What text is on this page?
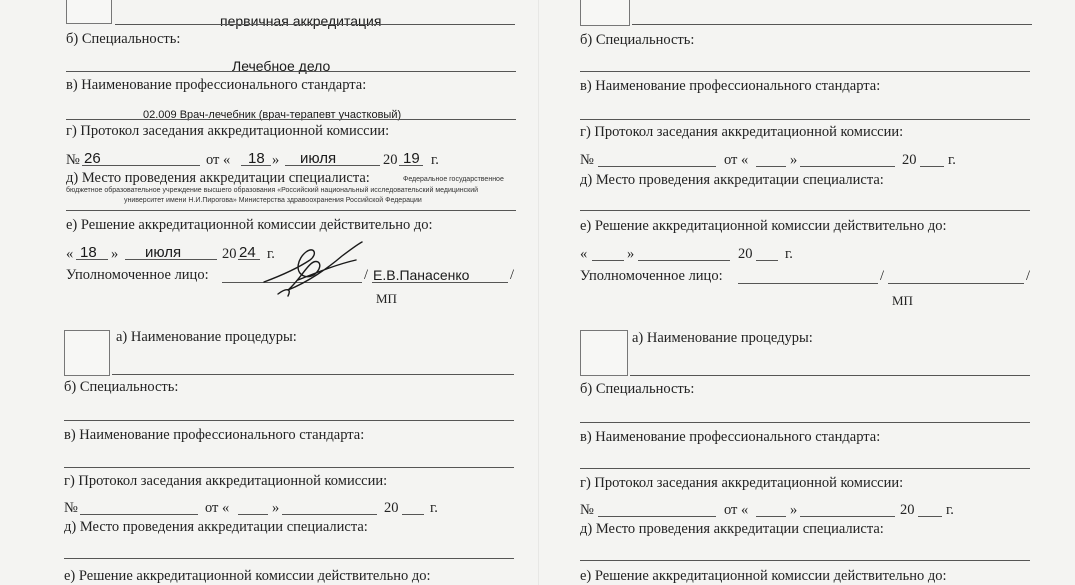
первичная аккредитация
б) Специальность:
Лечебное дело
в) Наименование профессионального стандарта:
02.009 Врач-лечебник (врач-терапевт участковый)
г) Протокол заседания аккредитационной комиссии:
№ 26	от « 18 » июля	20 19 г.
д) Место проведения аккредитации специалиста:	Федеральное государственное
бюджетное образовательное учреждение высшего образования «Российский национальный исследовательский медицинский
университет имени Н.И.Пирогова» Министерства здравоохранения Российской Федерации
е) Решение аккредитационной комиссии действительно до:
« 18 » июля	20 24 г.
Уполномоченное лицо:	/ Е.В.Панасенко	/
МП
б) Специальность:
в) Наименование профессионального стандарта:
г) Протокол заседания аккредитационной комиссии:
№	от «	»	20 г.
д) Место проведения аккредитации специалиста:
е) Решение аккредитационной комиссии действительно до:
«	»	20 г.
Уполномоченное лицо:	/	/
МП
а) Наименование процедуры:
б) Специальность:
в) Наименование профессионального стандарта:
г) Протокол заседания аккредитационной комиссии:
№	от «	»	20 г.
д) Место проведения аккредитации специалиста:
е) Решение аккредитационной комиссии действительно до:
а) Наименование процедуры:
б) Специальность:
в) Наименование профессионального стандарта:
г) Протокол заседания аккредитационной комиссии:
№	от «	»	20 г.
д) Место проведения аккредитации специалиста:
е) Решение аккредитационной комиссии действительно до:
